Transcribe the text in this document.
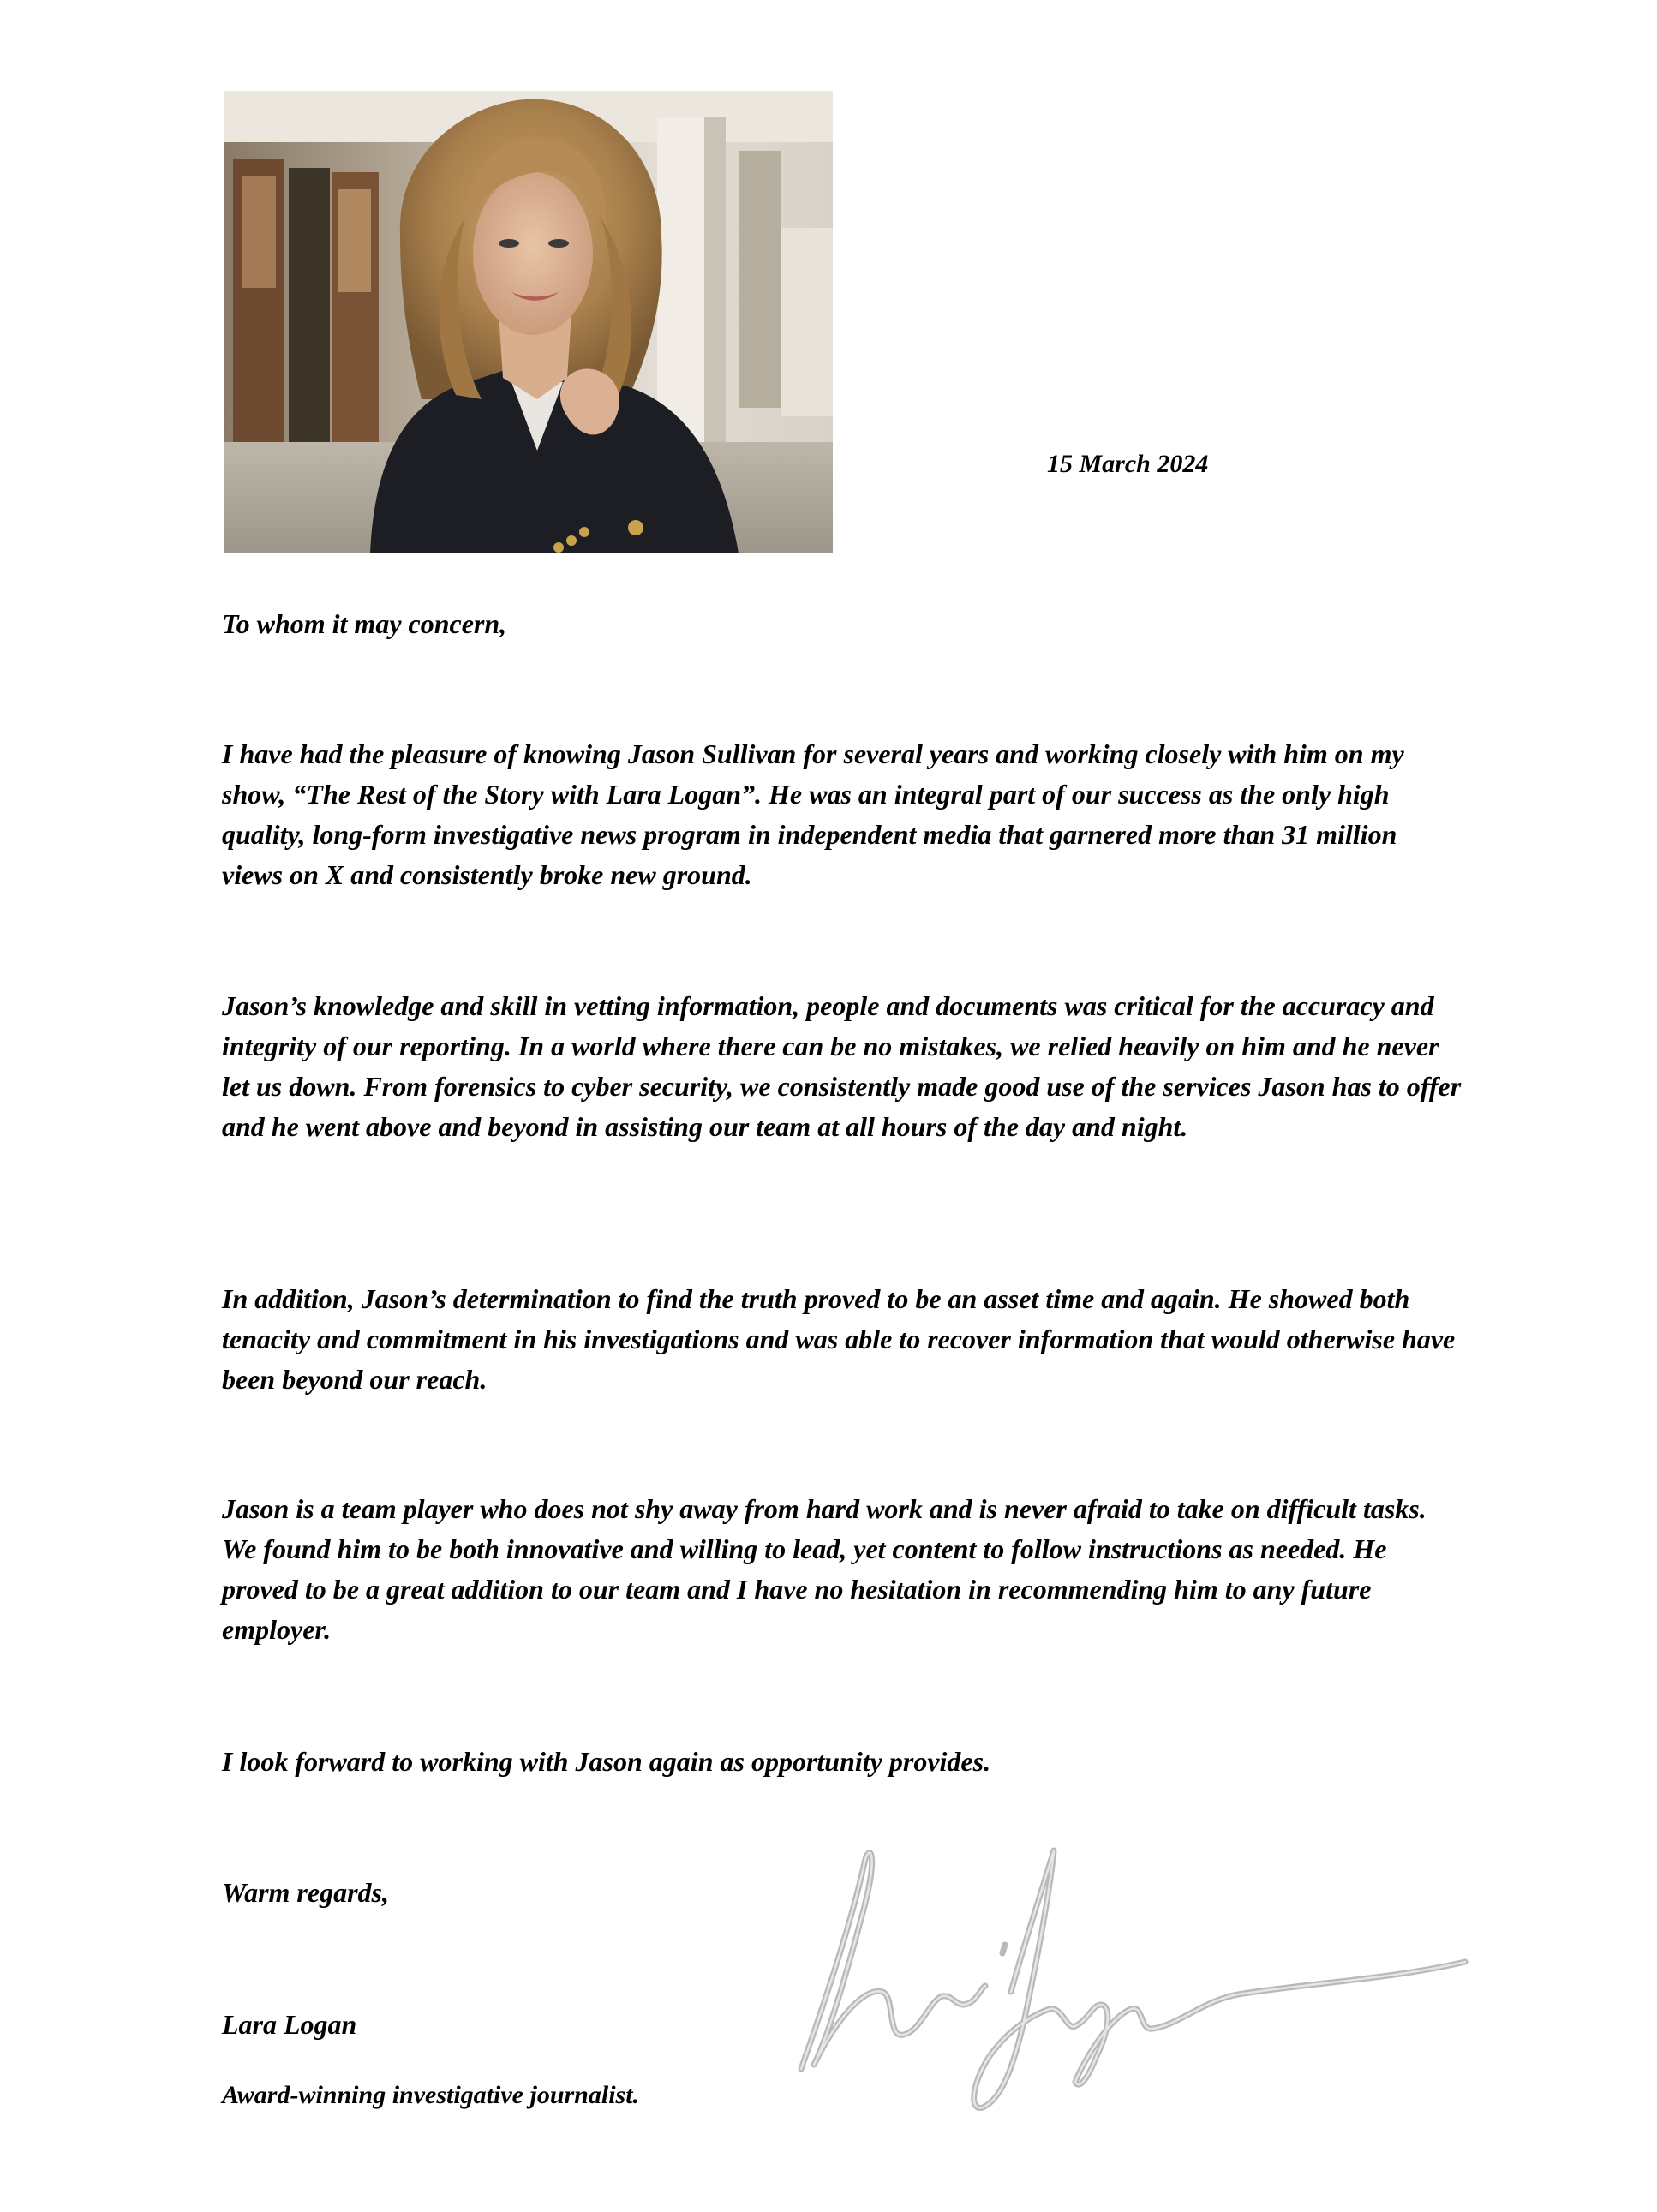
15 March 2024

To whom it may concern,

I have had the pleasure of knowing Jason Sullivan for several years and working closely with him on my show, “The Rest of the Story with Lara Logan”. He was an integral part of our success as the only high quality, long-form investigative news program in independent media that garnered more than 31 million views on X and consistently broke new ground.

Jason’s knowledge and skill in vetting information, people and documents was critical for the accuracy and integrity of our reporting. In a world where there can be no mistakes, we relied heavily on him and he never let us down. From forensics to cyber security, we consistently made good use of the services Jason has to offer and he went above and beyond in assisting our team at all hours of the day and night.

In addition, Jason’s determination to find the truth proved to be an asset time and again. He showed both tenacity and commitment in his investigations and was able to recover information that would otherwise have been beyond our reach.

Jason is a team player who does not shy away from hard work and is never afraid to take on difficult tasks. We found him to be both innovative and willing to lead, yet content to follow instructions as needed. He proved to be a great addition to our team and I have no hesitation in recommending him to any future employer.

I look forward to working with Jason again as opportunity provides.

Warm regards,

Lara Logan

Award-winning investigative journalist.
